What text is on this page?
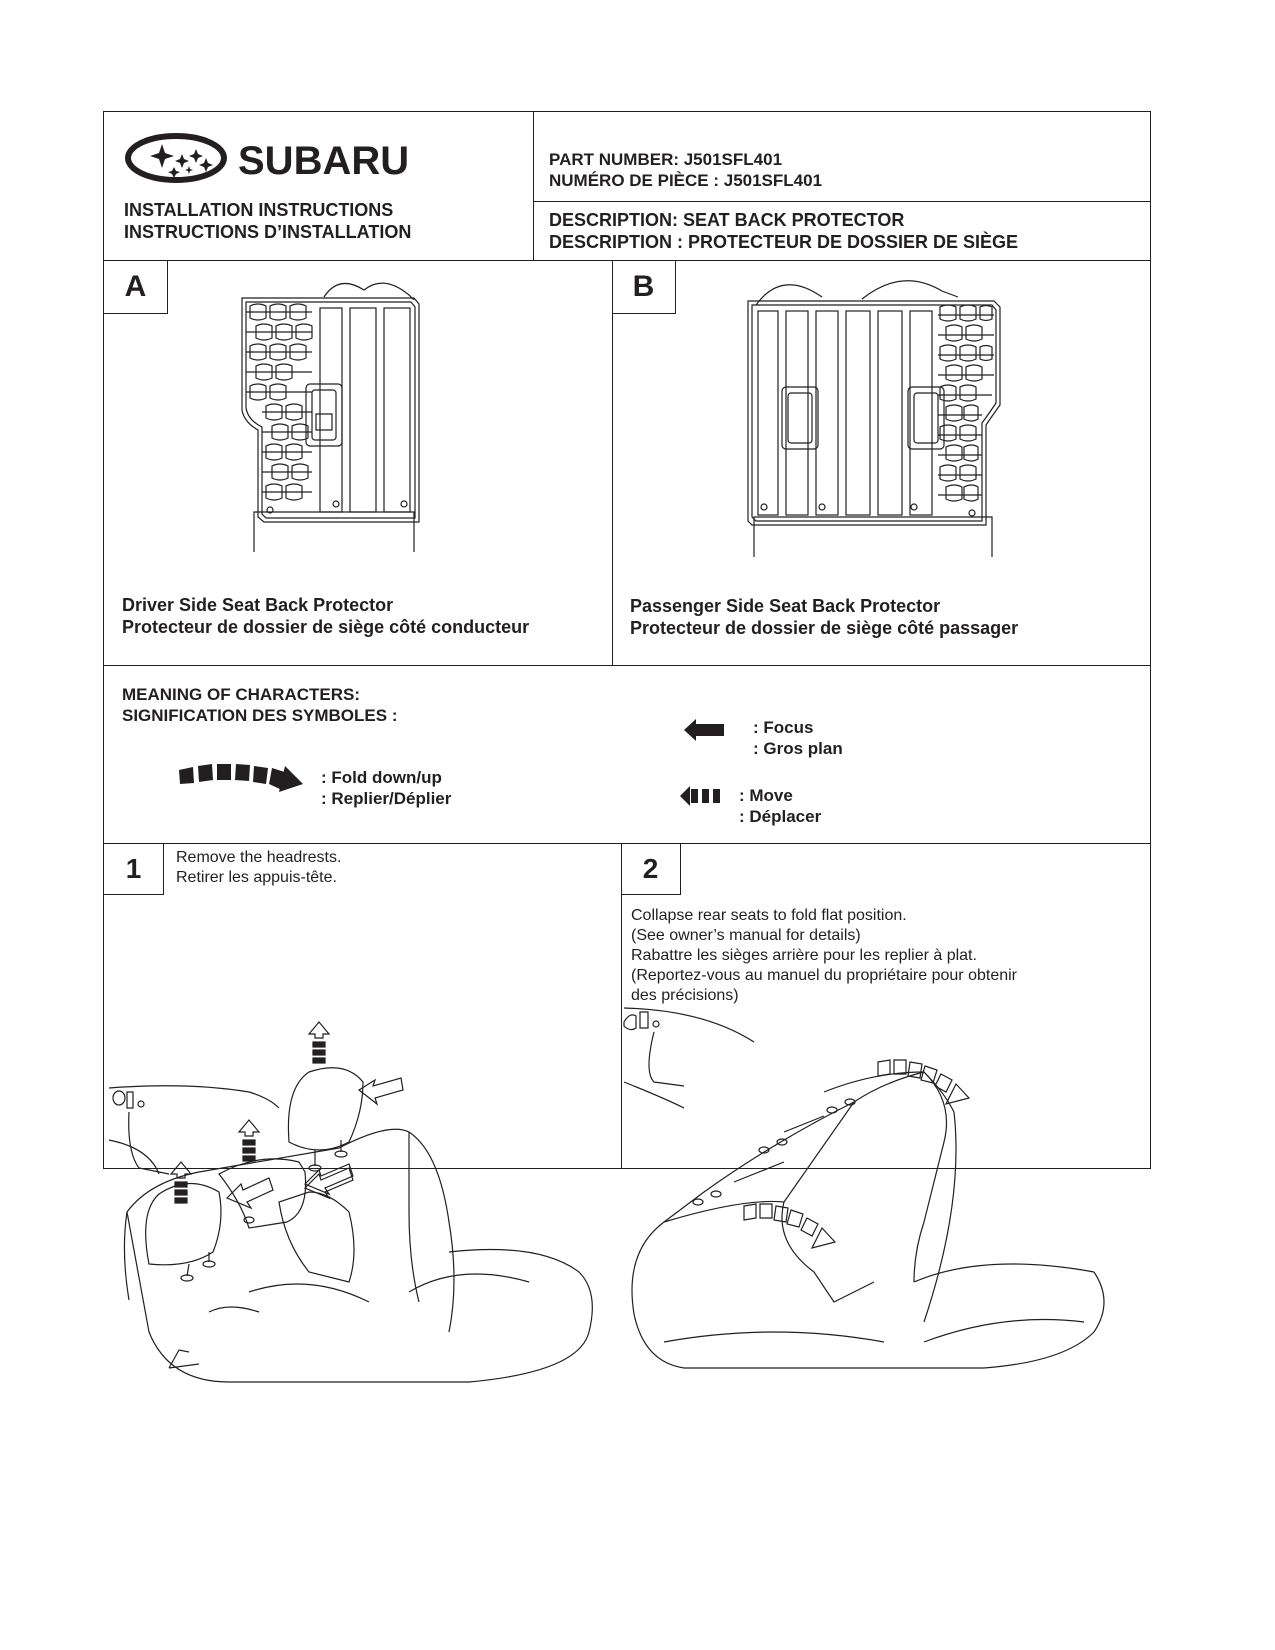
SUBARU
INSTALLATION INSTRUCTIONS
INSTRUCTIONS D’INSTALLATION
PART NUMBER: J501SFL401
NUMÉRO DE PIÈCE : J501SFL401
DESCRIPTION: SEAT BACK PROTECTOR
DESCRIPTION : PROTECTEUR DE DOSSIER DE SIÈGE
A	B
Driver Side Seat Back Protector
Protecteur de dossier de siège côté conducteur
Passenger Side Seat Back Protector
Protecteur de dossier de siège côté passager
MEANING OF CHARACTERS:
SIGNIFICATION DES SYMBOLES :
: Fold down/up
: Replier/Déplier
: Focus
: Gros plan
: Move
: Déplacer
1	Remove the headrests.
Retirer les appuis-tête.	2
Collapse rear seats to fold flat position.
(See owner’s manual for details)
Rabattre les sièges arrière pour les replier à plat.
(Reportez-vous au manuel du propriétaire pour obtenir
des précisions)
